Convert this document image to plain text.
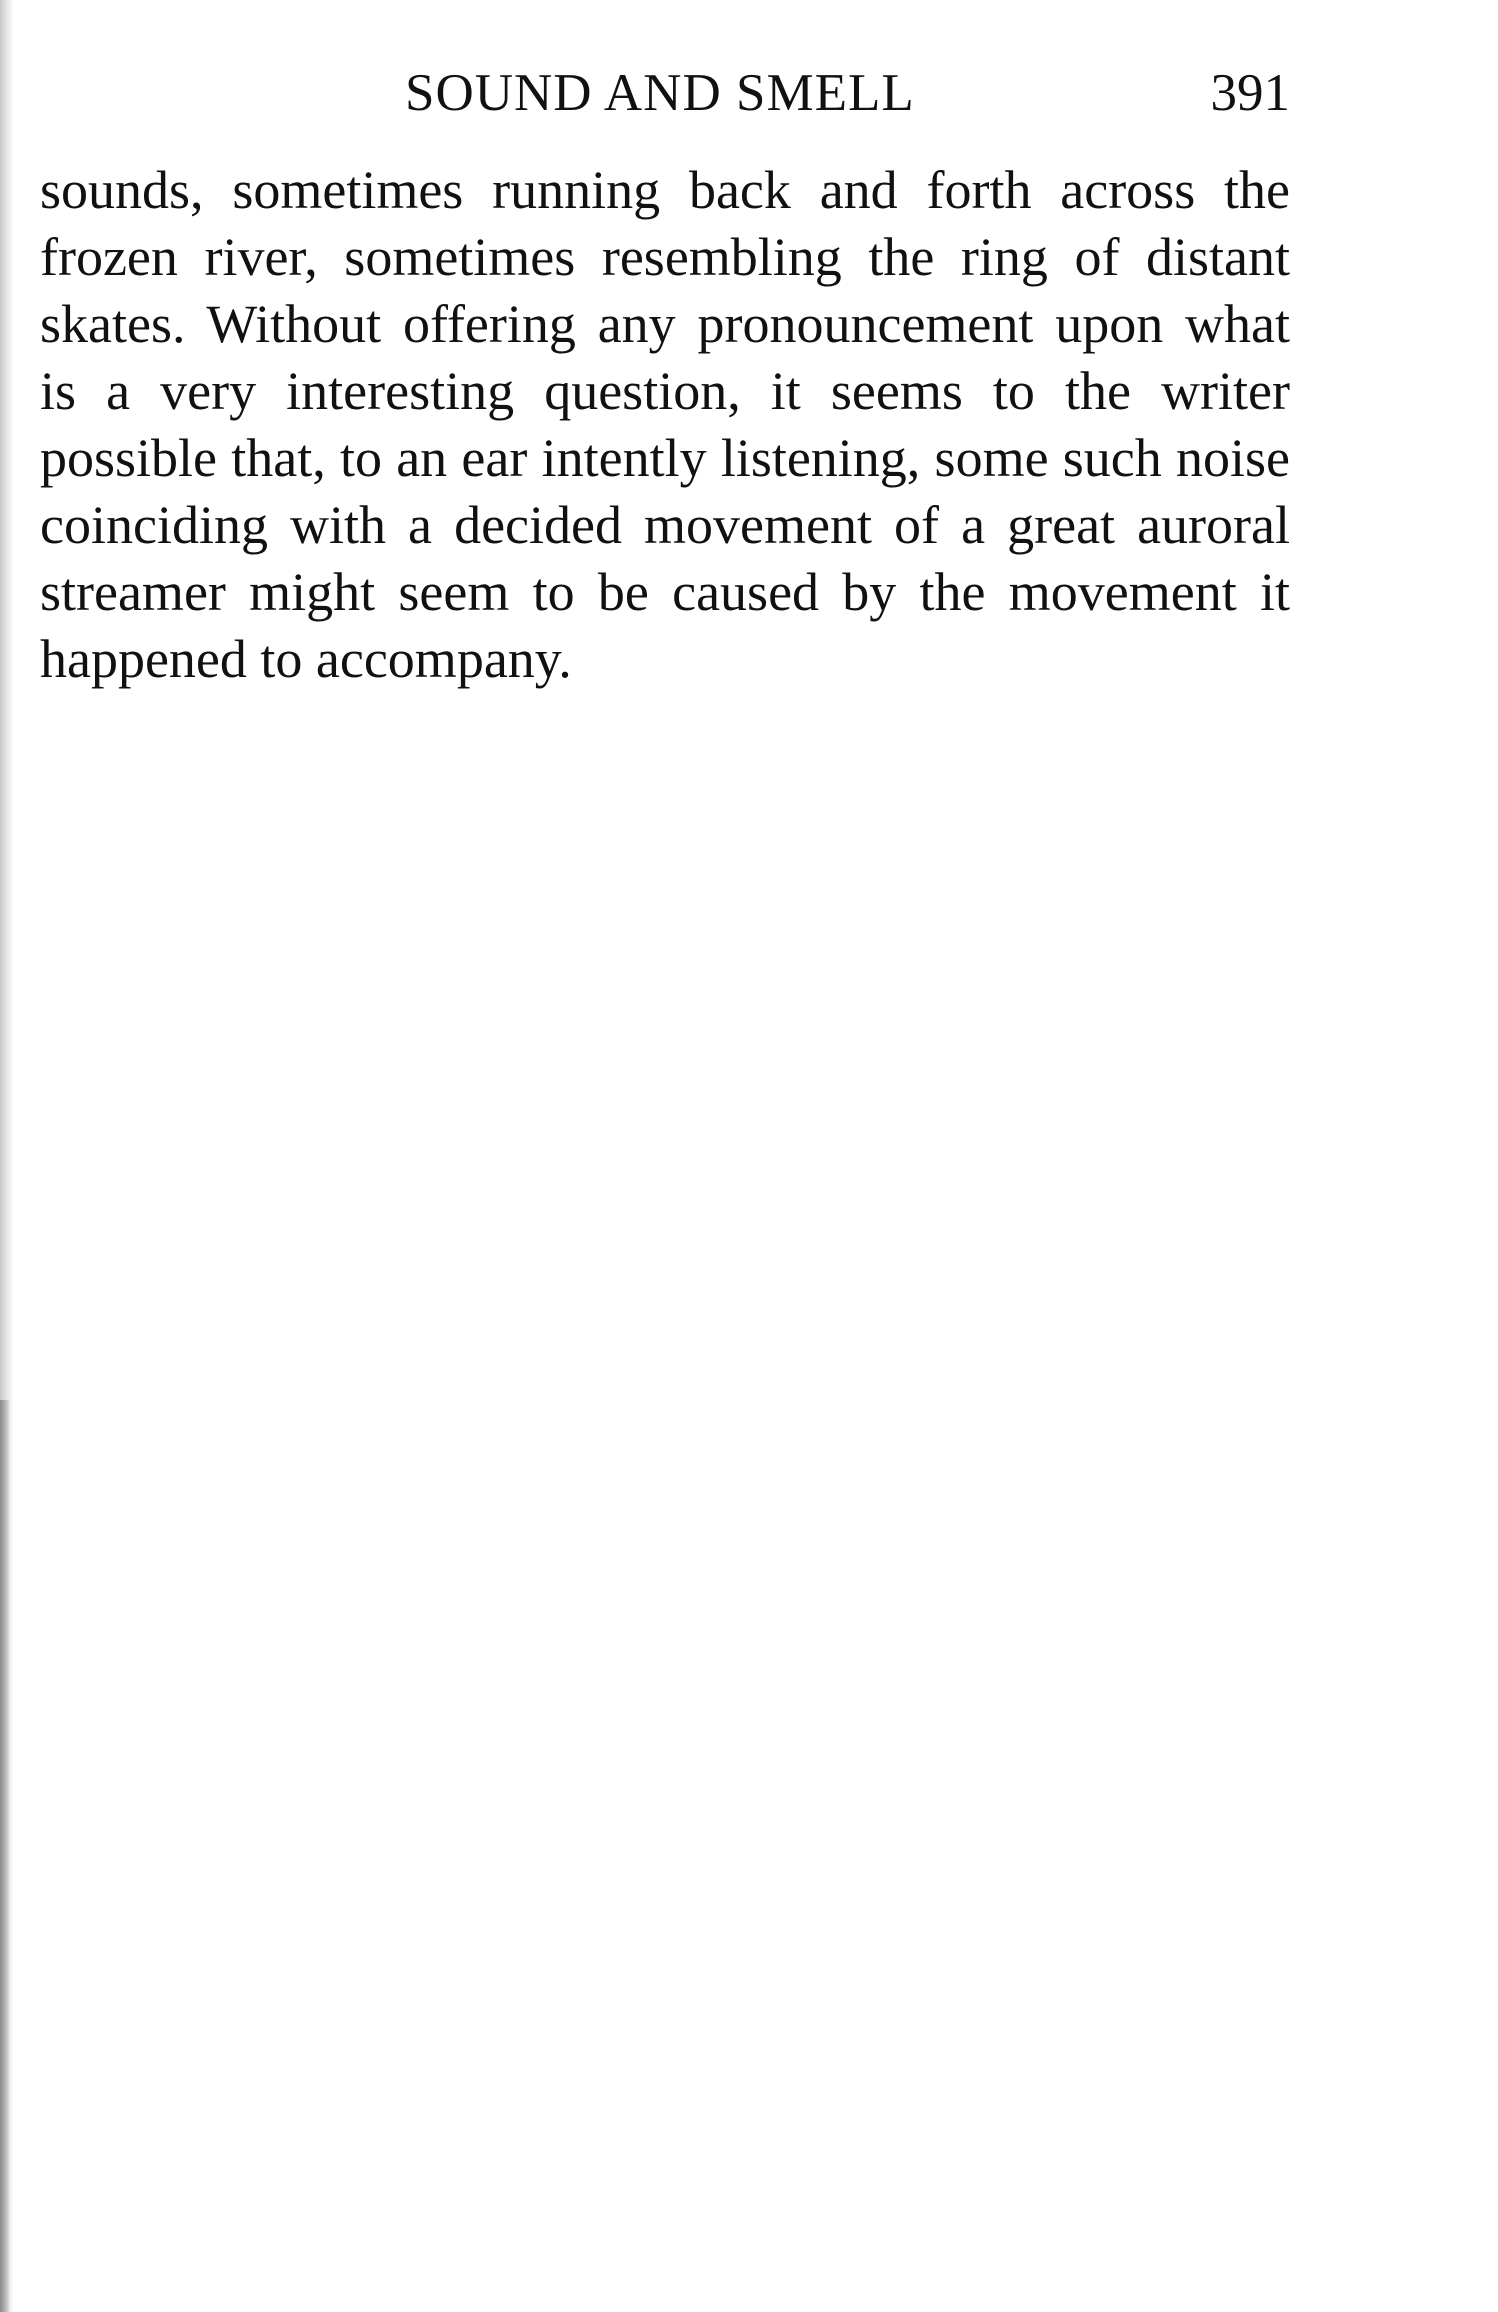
SOUND AND SMELL	391
sounds, sometimes running back and forth across the
frozen river, sometimes resembling the ring of distant
skates. Without offering any pronouncement upon what
is a very interesting question, it seems to the writer
possible that, to an ear intently listening, some such noise
coinciding with a decided movement of a great auroral
streamer might seem to be caused by the movement it
happened to accompany.
